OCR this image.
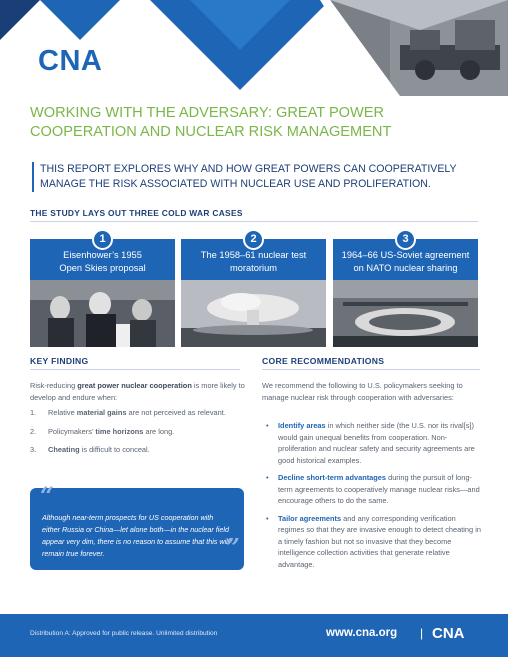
CNA
WORKING WITH THE ADVERSARY: GREAT POWER COOPERATION AND NUCLEAR RISK MANAGEMENT
THIS REPORT EXPLORES WHY AND HOW GREAT POWERS CAN COOPERATIVELY MANAGE THE RISK ASSOCIATED WITH NUCLEAR USE AND PROLIFERATION.
THE STUDY LAYS OUT THREE COLD WAR CASES
Eisenhower’s 1955
Open Skies proposal
1
The 1958–61 nuclear test
moratorium
2
1964–66 US-Soviet agreement
on NATO nuclear sharing
3
KEY FINDING
Risk-reducing great power nuclear cooperation is more likely to develop and endure when:
1. Relative material gains are not perceived as relevant.
2. Policymakers’ time horizons are long.
3. Cheating is difficult to conceal.
“
Although near-term prospects for US cooperation with either Russia or China—let alone both—in the nuclear field appear very dim, there is no reason to assume that this will remain true forever.	”
CORE RECOMMENDATIONS
We recommend the following to U.S. policymakers seeking to manage nuclear risk through cooperation with adversaries:
• Identify areas in which neither side (the U.S. nor its rival[s]) would gain unequal benefits from cooperation. Non-proliferation and nuclear safety and security agreements are good historical examples.
• Decline short-term advantages during the pursuit of long-term agreements to cooperatively manage nuclear risks—and encourage others to do the same.
• Tailor agreements and any corresponding verification regimes so that they are invasive enough to detect cheating in a timely fashion but not so invasive that they become intelligence collection activities that generate relative advantage.
Distribution A: Approved for public release. Unlimited distribution	www.cna.org | CNA
